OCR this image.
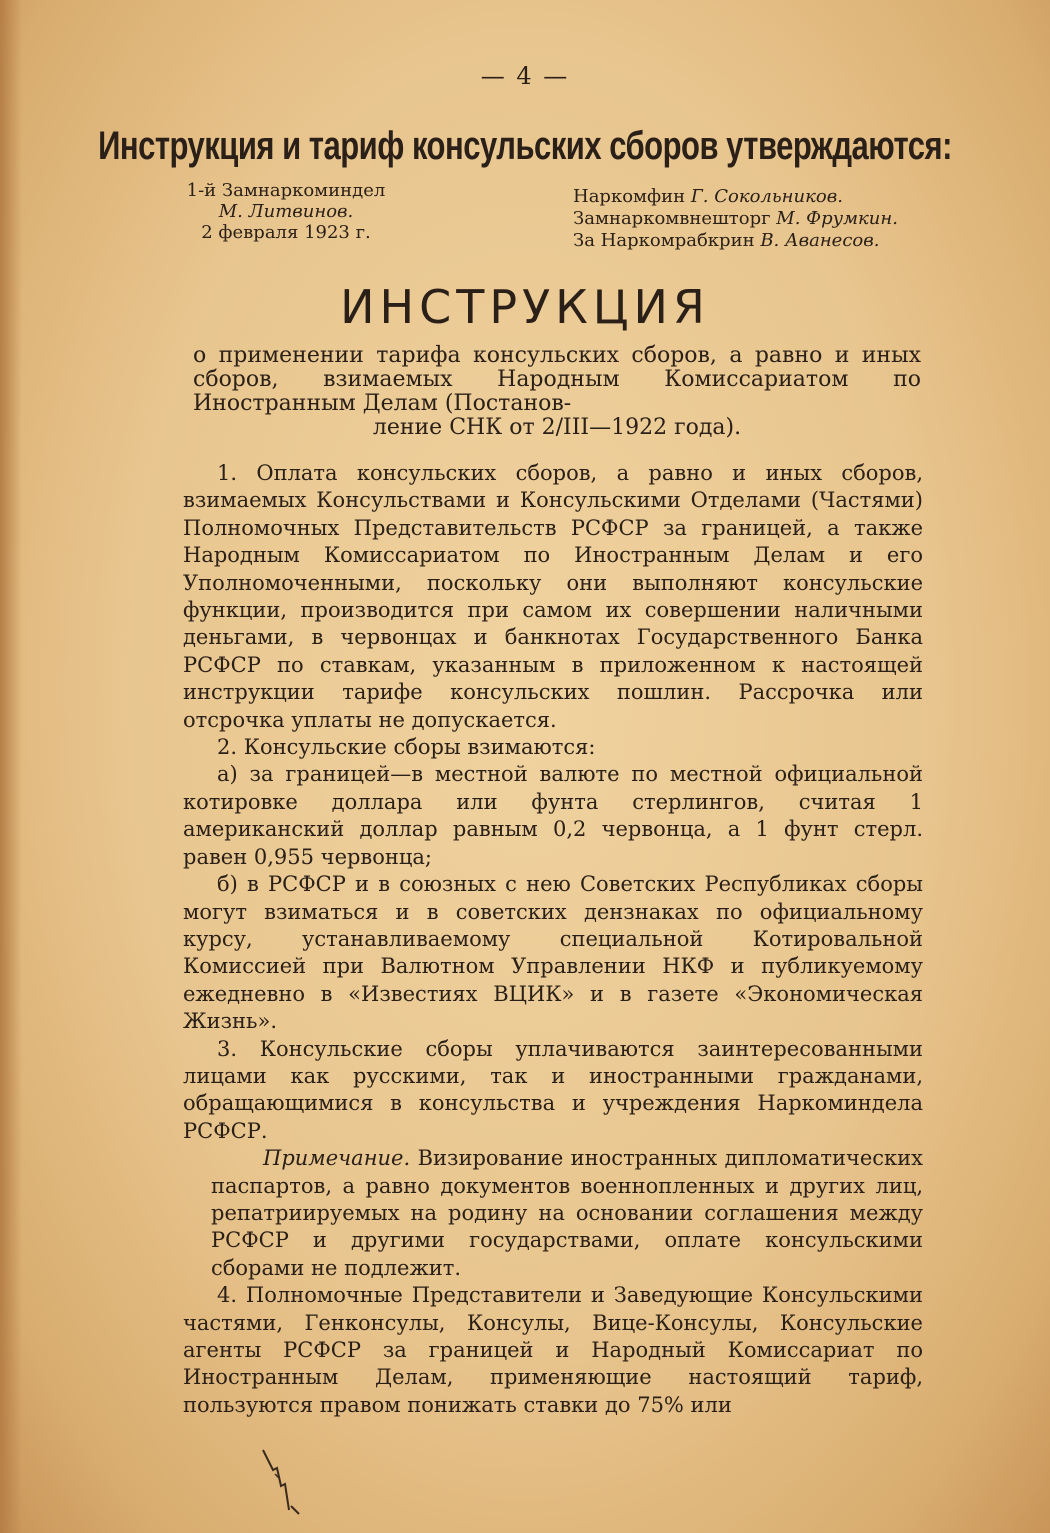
— 4 —
Инструкция и тариф консульских сборов утверждаются:
1-й Замнаркоминдел
М. Литвинов.
2 февраля 1923 г.
Наркомфин Г. Сокольников.
Замнаркомвнешторг М. Фрумкин.
За Наркомрабкрин В. Аванесов.
ИНСТРУКЦИЯ
о применении тарифа консульских сборов, а равно и иных сборов, взимаемых Народным Комиссариатом по Иностранным Делам (Постанов-
ление СНК от 2/III—1922 года).

1. Оплата консульских сборов, а равно и иных сборов, взимаемых Консульствами и Консульскими Отделами (Частями) Полномочных Представительств РСФСР за границей, а также Народным Комиссариатом по Иностранным Делам и его Уполномоченными, поскольку они выполняют консульские функции, производится при самом их совершении наличными деньгами, в червонцах и банкнотах Государственного Банка РСФСР по ставкам, указанным в приложенном к настоящей инструкции тарифе консульских пошлин. Рассрочка или отсрочка уплаты не допускается.

2. Консульские сборы взимаются:

а) за границей—в местной валюте по местной официальной котировке доллара или фунта стерлингов, считая 1 американский доллар равным 0,2 червонца, а 1 фунт стерл. равен 0,955 червонца;

б) в РСФСР и в союзных с нею Советских Республиках сборы могут взиматься и в советских дензнаках по официальному курсу, устанавливаемому специальной Котировальной Комиссией при Валютном Управлении НКФ и публикуемому ежедневно в «Известиях ВЦИК» и в газете «Экономическая Жизнь».

3. Консульские сборы уплачиваются заинтересованными лицами как русскими, так и иностранными гражданами, обращающимися в консульства и учреждения Наркоминдела РСФСР.

Примечание. Визирование иностранных дипломатических паспартов, а равно документов военнопленных и других лиц, репатриируемых на родину на основании соглашения между РСФСР и другими государствами, оплате консульскими сборами не подлежит.

4. Полномочные Представители и Заведующие Консульскими частями, Генконсулы, Консулы, Вице-Консулы, Консульские агенты РСФСР за границей и Народный Комиссариат по Иностранным Делам, применяющие настоящий тариф, пользуются правом понижать ставки до 75% или
